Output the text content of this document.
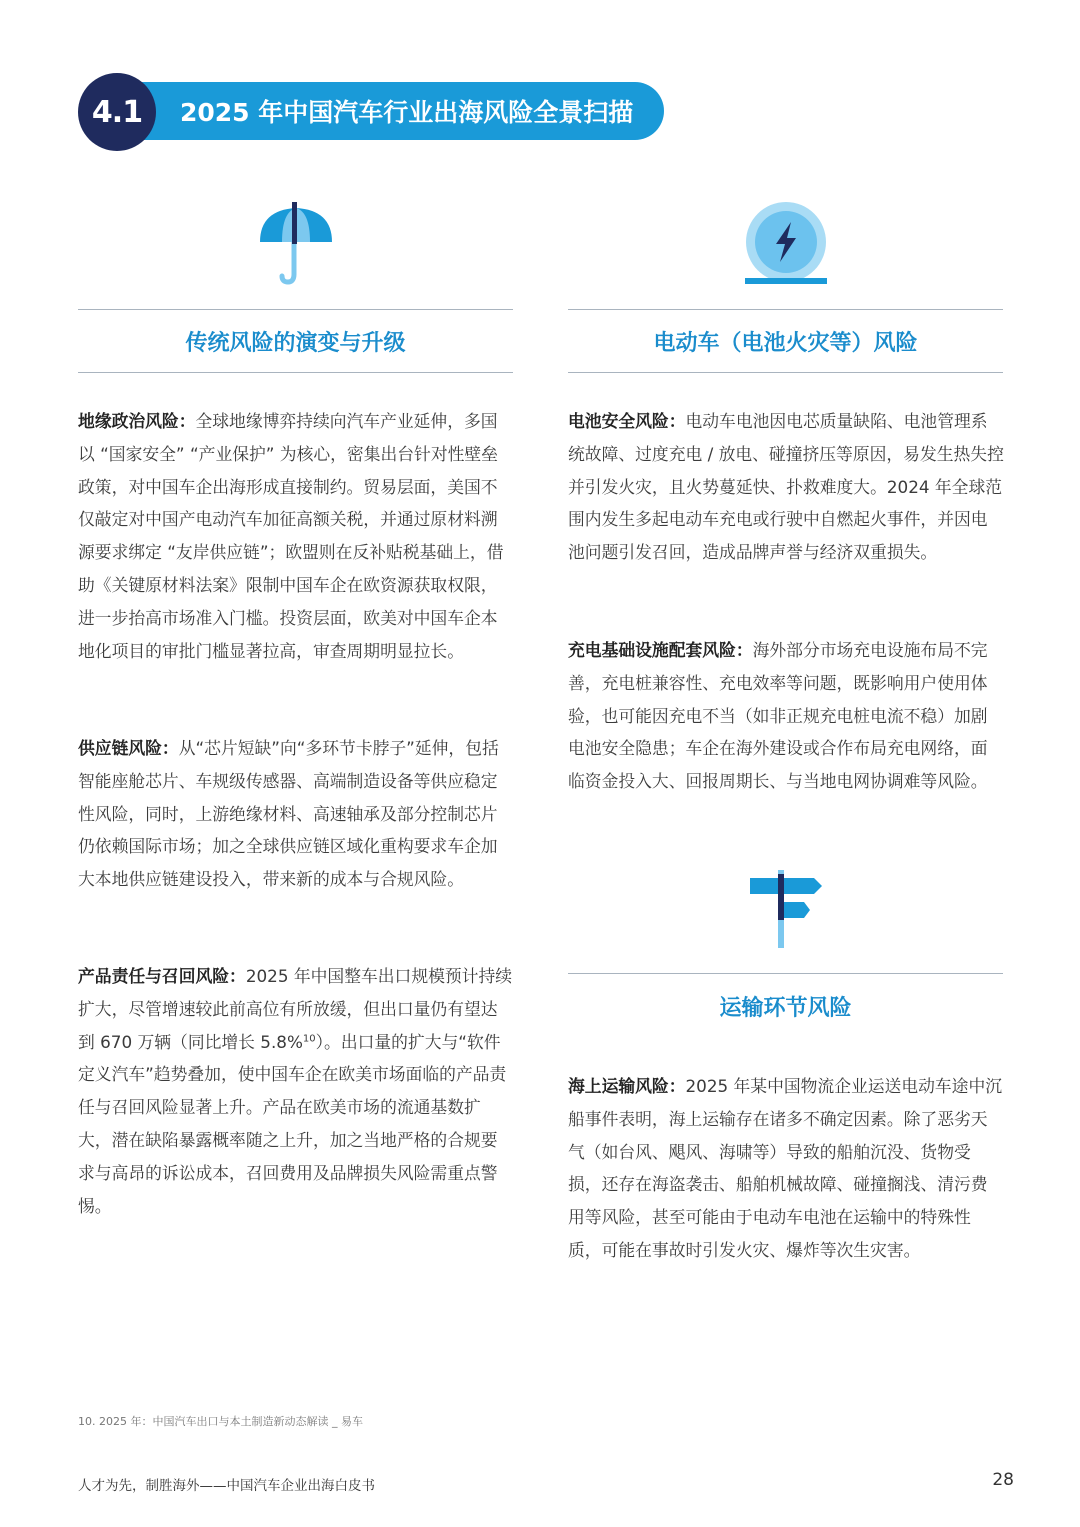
4.1	2025 年中国汽车行业出海风险全景扫描
传统风险的演变与升级	电动车（电池火灾等）风险
运输环节风险
地缘政治风险：全球地缘博弈持续向汽车产业延伸，多国以 “国家安全” “产业保护” 为核心，密集出台针对性壁垒政策，对中国车企出海形成直接制约。贸易层面，美国不仅敲定对中国产电动汽车加征高额关税，并通过原材料溯源要求绑定 “友岸供应链”；欧盟则在反补贴税基础上，借助《关键原材料法案》限制中国车企在欧资源获取权限，进一步抬高市场准入门槛。投资层面，欧美对中国车企本地化项目的审批门槛显著拉高，审查周期明显拉长。
供应链风险：从“芯片短缺”向“多环节卡脖子”延伸，包括智能座舱芯片、车规级传感器、高端制造设备等供应稳定性风险，同时，上游绝缘材料、高速轴承及部分控制芯片仍依赖国际市场；加之全球供应链区域化重构要求车企加大本地供应链建设投入，带来新的成本与合规风险。
产品责任与召回风险：2025 年中国整车出口规模预计持续扩大，尽管增速较此前高位有所放缓，但出口量仍有望达到 670 万辆（同比增长 5.8%$^{10}$）。出口量的扩大与“软件定义汽车”趋势叠加，使中国车企在欧美市场面临的产品责任与召回风险显著上升。产品在欧美市场的流通基数扩大，潜在缺陷暴露概率随之上升，加之当地严格的合规要求与高昂的诉讼成本，召回费用及品牌损失风险需重点警惕。
电池安全风险：电动车电池因电芯质量缺陷、电池管理系统故障、过度充电 / 放电、碰撞挤压等原因，易发生热失控并引发火灾，且火势蔓延快、扑救难度大。2024 年全球范围内发生多起电动车充电或行驶中自燃起火事件，并因电池问题引发召回，造成品牌声誉与经济双重损失。
充电基础设施配套风险：海外部分市场充电设施布局不完善，充电桩兼容性、充电效率等问题，既影响用户使用体验，也可能因充电不当（如非正规充电桩电流不稳）加剧电池安全隐患；车企在海外建设或合作布局充电网络，面临资金投入大、回报周期长、与当地电网协调难等风险。
海上运输风险：2025 年某中国物流企业运送电动车途中沉船事件表明，海上运输存在诸多不确定因素。除了恶劣天气（如台风、飓风、海啸等）导致的船舶沉没、货物受损，还存在海盗袭击、船舶机械故障、碰撞搁浅、清污费用等风险，甚至可能由于电动车电池在运输中的特殊性质，可能在事故时引发火灾、爆炸等次生灾害。
10. 2025 年：中国汽车出口与本土制造新动态解读 _ 易车
人才为先，制胜海外——中国汽车企业出海白皮书	28
